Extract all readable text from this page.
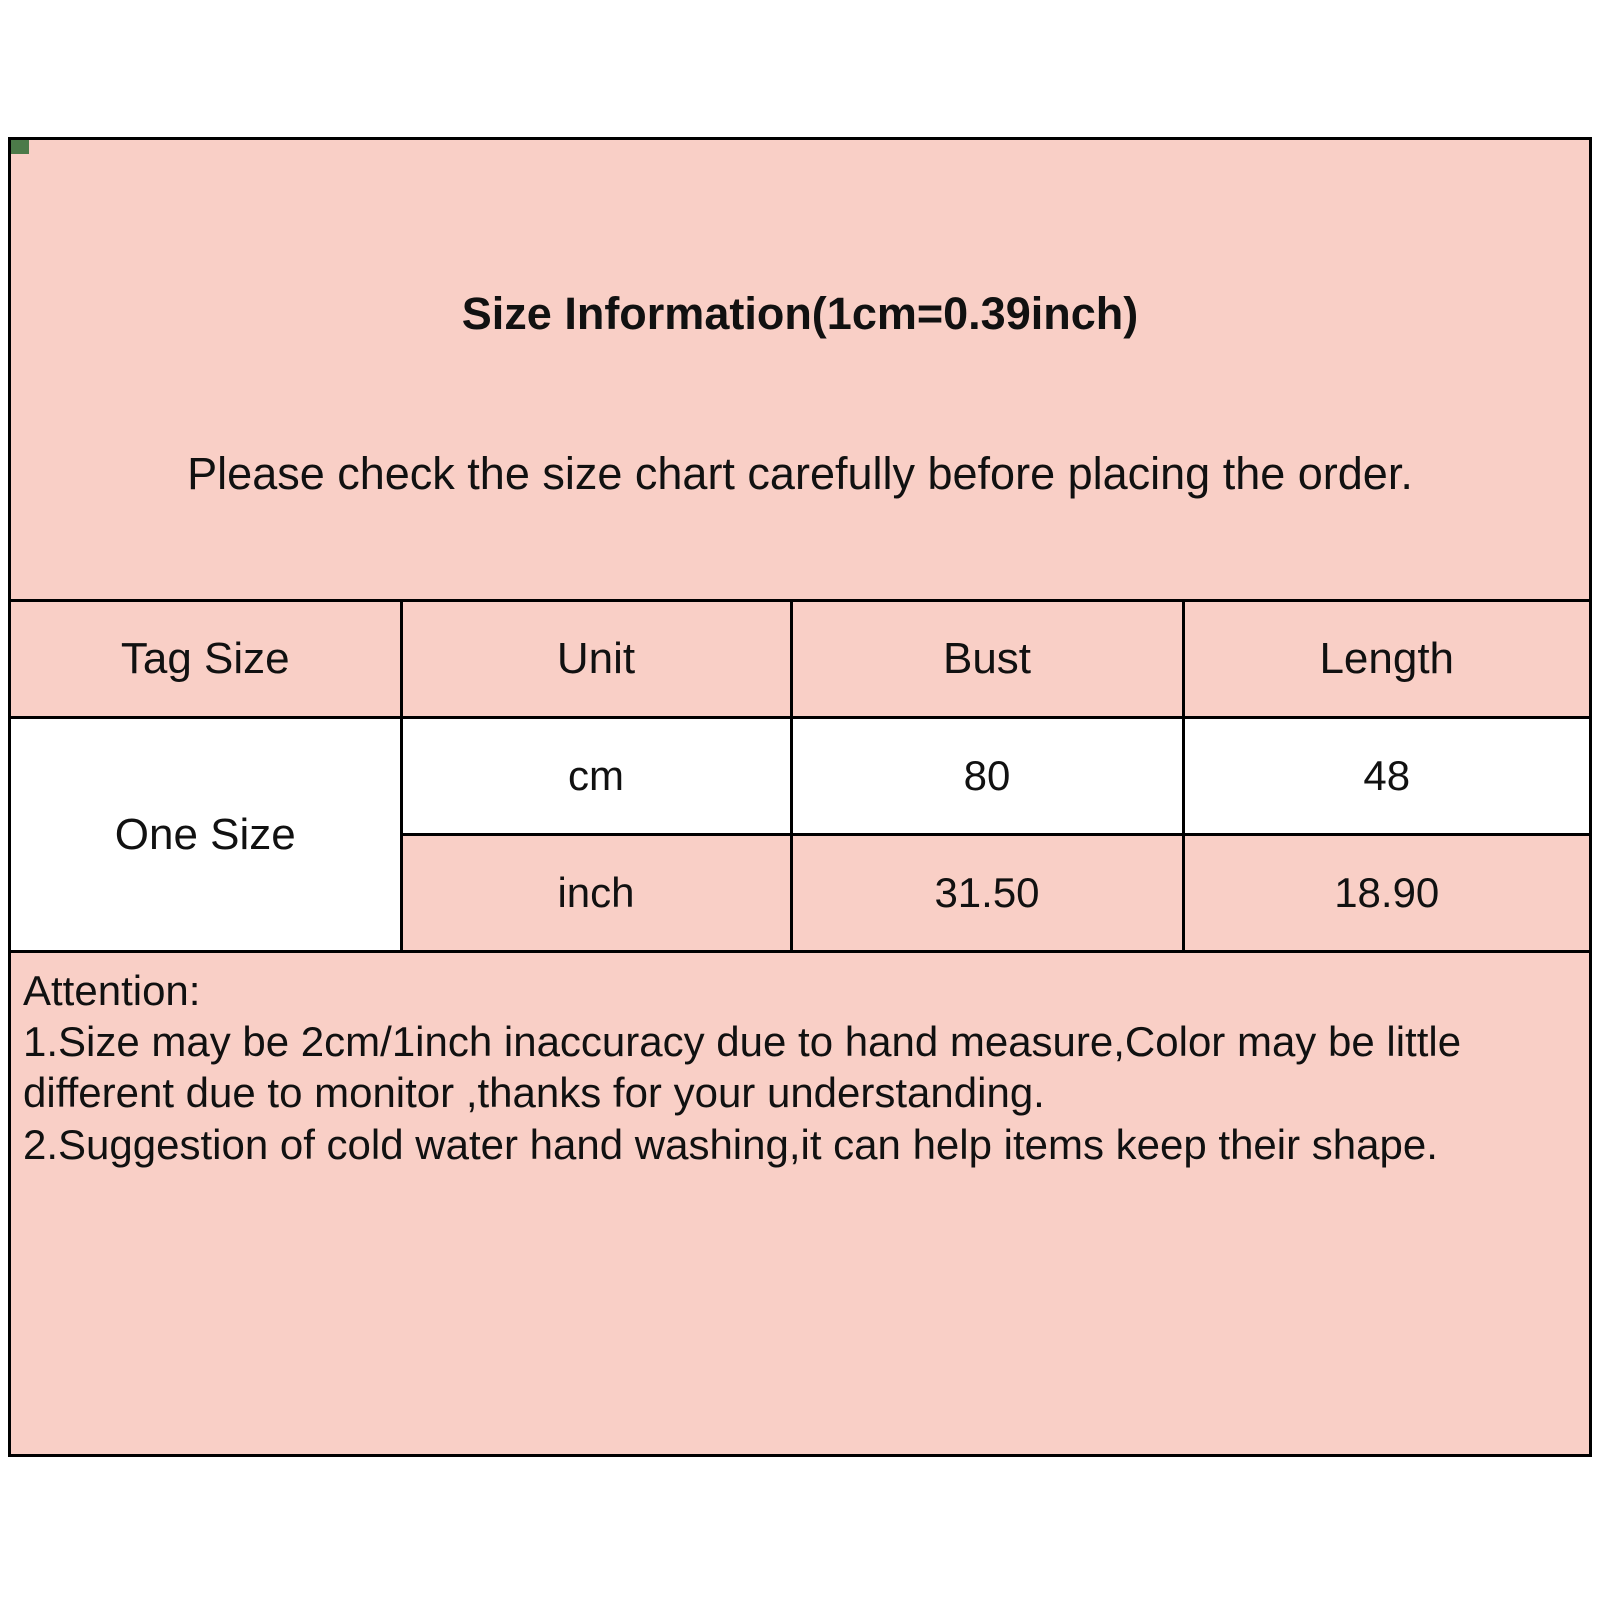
Size Information(1cm=0.39inch)
Please check the size chart carefully before placing the order.
Tag Size	Unit	Bust	Length
One Size	cm	80	48
	inch	31.50	18.90
Attention:
1.Size may be 2cm/1inch inaccuracy due to hand measure,Color may be little different due to monitor ,thanks for your understanding.
2.Suggestion of cold water hand washing,it can help items keep their shape.
